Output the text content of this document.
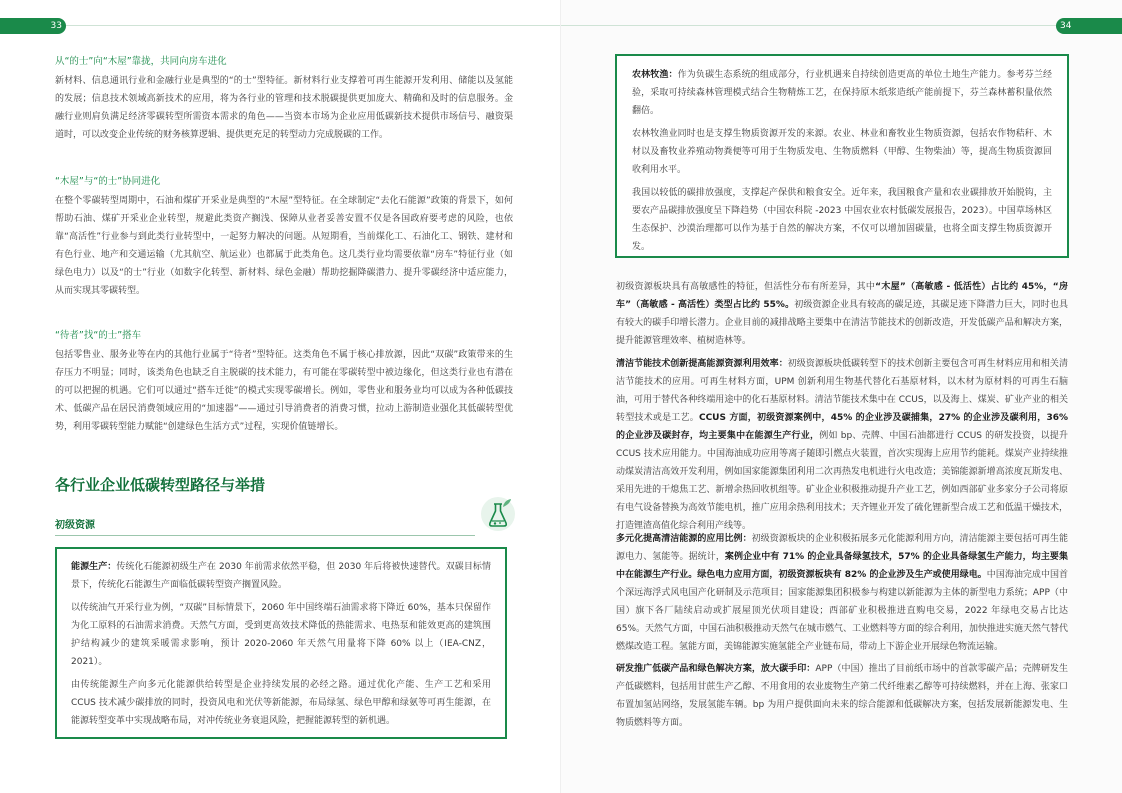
33
从“的士”向“木屋”靠拢，共同向房车进化

新材料、信息通讯行业和金融行业是典型的“的士”型特征。新材料行业支撑着可再生能源开发利用、储能以及氢能的发展；信息技术领域高新技术的应用，将为各行业的管理和技术脱碳提供更加庞大、精确和及时的信息服务。金融行业则肩负满足经济零碳转型所需资本需求的角色——当资本市场为企业应用低碳新技术提供市场信号、融资渠道时，可以改变企业传统的财务核算逻辑、提供更充足的转型动力完成脱碳的工作。

“木屋”与“的士”协同进化

在整个零碳转型周期中，石油和煤矿开采业是典型的“木屋”型特征。在全球制定“去化石能源”政策的背景下，如何帮助石油、煤矿开采业企业转型，规避此类资产搁浅、保障从业者妥善安置不仅是各国政府要考虑的风险，也依靠“高活性”行业参与到此类行业转型中，一起努力解决的问题。从短期看，当前煤化工、石油化工、钢铁、建材和有色行业、地产和交通运输（尤其航空、航运业）也都属于此类角色。这几类行业均需要依靠“房车”特征行业（如绿色电力）以及“的士”行业（如数字化转型、新材料、绿色金融）帮助挖掘降碳潜力、提升零碳经济中适应能力，从而实现其零碳转型。

“待者”找“的士”搭车

包括零售业、服务业等在内的其他行业属于“待者”型特征。这类角色不属于核心排放源，因此“双碳”政策带来的生存压力不明显；同时，该类角色也缺乏自主脱碳的技术能力，有可能在零碳转型中被边缘化，但这类行业也有潜在的可以把握的机遇。它们可以通过“搭车迁徙”的模式实现零碳增长。例如，零售业和服务业均可以成为各种低碳技术、低碳产品在居民消费领域应用的“加速器”——通过引导消费者的消费习惯，拉动上游制造业强化其低碳转型优势，利用零碳转型能力赋能“创建绿色生活方式”过程，实现价值链增长。

各行业企业低碳转型路径与举措
初级资源

能源生产：传统化石能源初级生产在 2030 年前需求依然平稳，但 2030 年后将被快速替代。双碳目标情景下，传统化石能源生产面临低碳转型资产搁置风险。

以传统油气开采行业为例，“双碳”目标情景下，2060 年中国终端石油需求将下降近 60%，基本只保留作为化工原料的石油需求消费。天然气方面，受到更高效技术降低的热能需求、电热泵和能效更高的建筑围护结构减少的建筑采暖需求影响，预计 2020-2060 年天然气用量将下降 60% 以上（IEA-CNZ，2021）。

由传统能源生产向多元化能源供给转型是企业持续发展的必经之路。通过优化产能、生产工艺和采用 CCUS 技术减少碳排放的同时，投资风电和光伏等新能源，布局绿氢、绿色甲醇和绿氨等可再生能源，在能源转型变革中实现战略布局，对冲传统业务衰退风险，把握能源转型的新机遇。

34

农林牧渔：作为负碳生态系统的组成部分，行业机遇来自持续创造更高的单位土地生产能力。参考芬兰经验，采取可持续森林管理模式结合生物精炼工艺，在保持原木纸浆造纸产能前提下，芬兰森林蓄积量依然翻倍。

农林牧渔业同时也是支撑生物质资源开发的来源。农业、林业和畜牧业生物质资源，包括农作物秸秆、木材以及畜牧业养殖动物粪便等可用于生物质发电、生物质燃料（甲醇、生物柴油）等，提高生物质资源回收利用水平。

我国以较低的碳排放强度，支撑起产保供和粮食安全。近年来，我国粮食产量和农业碳排放开始脱钩，主要农产品碳排放强度呈下降趋势（中国农科院 -2023 中国农业农村低碳发展报告，2023）。中国草场林区生态保护、沙漠治理都可以作为基于自然的解决方案，不仅可以增加固碳量，也将全面支撑生物质资源开发。

初级资源板块具有高敏感性的特征，但活性分布有所差异，其中“木屋”（高敏感 - 低活性）占比约 45%，“房车”（高敏感 - 高活性）类型占比约 55%。初级资源企业具有较高的碳足迹，其碳足迹下降潜力巨大，同时也具有较大的碳手印增长潜力。企业目前的减排战略主要集中在清洁节能技术的创新改造，开发低碳产品和解决方案，提升能源管理效率、植树造林等。

清洁节能技术创新提高能源资源利用效率：初级资源板块低碳转型下的技术创新主要包含可再生材料应用和相关清洁节能技术的应用。可再生材料方面，UPM 创新利用生物基代替化石基原材料，以木材为原材料的可再生石脑油，可用于替代各种终端用途中的化石基原材料。清洁节能技术集中在 CCUS，以及海上、煤炭、矿业产业的相关转型技术或是工艺。CCUS 方面，初级资源案例中，45% 的企业涉及碳捕集，27% 的企业涉及碳利用，36% 的企业涉及碳封存，均主要集中在能源生产行业，例如 bp、壳牌、中国石油都进行 CCUS 的研发投资，以提升 CCUS 技术应用能力。中国海油成功应用等离子随即引燃点火装置，首次实现海上应用节约能耗。煤炭产业持续推动煤炭清洁高效开发利用，例如国家能源集团利用二次再热发电机进行火电改造；美锦能源新增高浓度瓦斯发电、采用先进的干熄焦工艺、新增余热回收机组等。矿业企业积极推动提升产业工艺，例如西部矿业多家分子公司将原有电气设备替换为高效节能电机，推广应用余热利用技术；天齐锂业开发了硫化锂新型合成工艺和低温干燥技术，打造锂渣高值化综合利用产线等。

多元化提高清洁能源的应用比例：初级资源板块的企业积极拓展多元化能源利用方向，清洁能源主要包括可再生能源电力、氢能等。据统计，案例企业中有 71% 的企业具备绿氢技术，57% 的企业具备绿氢生产能力，均主要集中在能源生产行业。绿色电力应用方面，初级资源板块有 82% 的企业涉及生产或使用绿电。中国海油完成中国首个深远海浮式风电国产化研制及示范项目；国家能源集团积极参与构建以新能源为主体的新型电力系统；APP（中国）旗下各厂陆续启动或扩展屋顶光伏项目建设；西部矿业积极推进直购电交易，2022 年绿电交易占比达 65%。天然气方面，中国石油积极推动天然气在城市燃气、工业燃料等方面的综合利用，加快推进实施天然气替代燃煤改造工程。氢能方面，美锦能源实施氢能全产业链布局，带动上下游企业开展绿色物流运输。

研发推广低碳产品和绿色解决方案，放大碳手印：APP（中国）推出了目前纸市场中的首款零碳产品；壳牌研发生产低碳燃料，包括用甘蔗生产乙醇、不用食用的农业废物生产第二代纤维素乙醇等可持续燃料，并在上海、张家口布置加氢站网络，发展氢能车辆。bp 为用户提供面向未来的综合能源和低碳解决方案，包括发展新能源发电、生物质燃料等方面。
